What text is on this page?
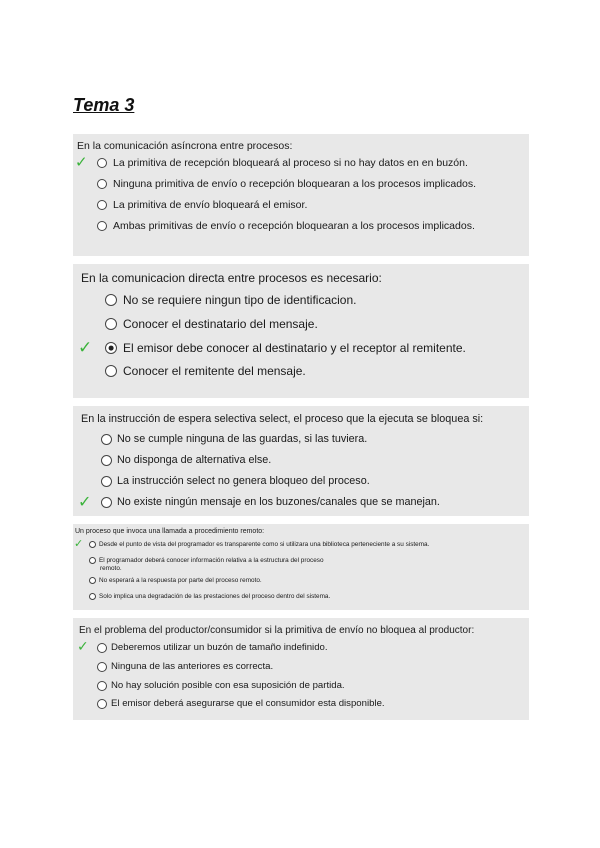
Tema 3
En la comunicación asíncrona entre procesos:
✓ La primitiva de recepción bloqueará al proceso si no hay datos en en buzón.
Ninguna primitiva de envío o recepción bloquearan a los procesos implicados.
La primitiva de envío bloqueará el emisor.
Ambas primitivas de envío o recepción bloquearan a los procesos implicados.
En la comunicacion directa entre procesos es necesario:
No se requiere ningun tipo de identificacion.
Conocer el destinatario del mensaje.
✓	El emisor debe conocer al destinatario y el receptor al remitente.
Conocer el remitente del mensaje.
En la instrucción de espera selectiva select, el proceso que la ejecuta se bloquea si:
No se cumple ninguna de las guardas, si las tuviera.
No disponga de alternativa else.
La instrucción select no genera bloqueo del proceso.
✓ No existe ningún mensaje en los buzones/canales que se manejan.
Un proceso que invoca una llamada a procedimiento remoto:
✓ Desde el punto de vista del programador es transparente como si utilizara una biblioteca perteneciente a su sistema.
El programador deberá conocer información relativa a la estructura del proceso
remoto.
No esperará a la respuesta por parte del proceso remoto.
Solo implica una degradación de las prestaciones del proceso dentro del sistema.
En el problema del productor/consumidor si la primitiva de envío no bloquea al productor:
✓ Deberemos utilizar un buzón de tamaño indefinido.
Ninguna de las anteriores es correcta.
No hay solución posible con esa suposición de partida.
El emisor deberá asegurarse que el consumidor esta disponible.
